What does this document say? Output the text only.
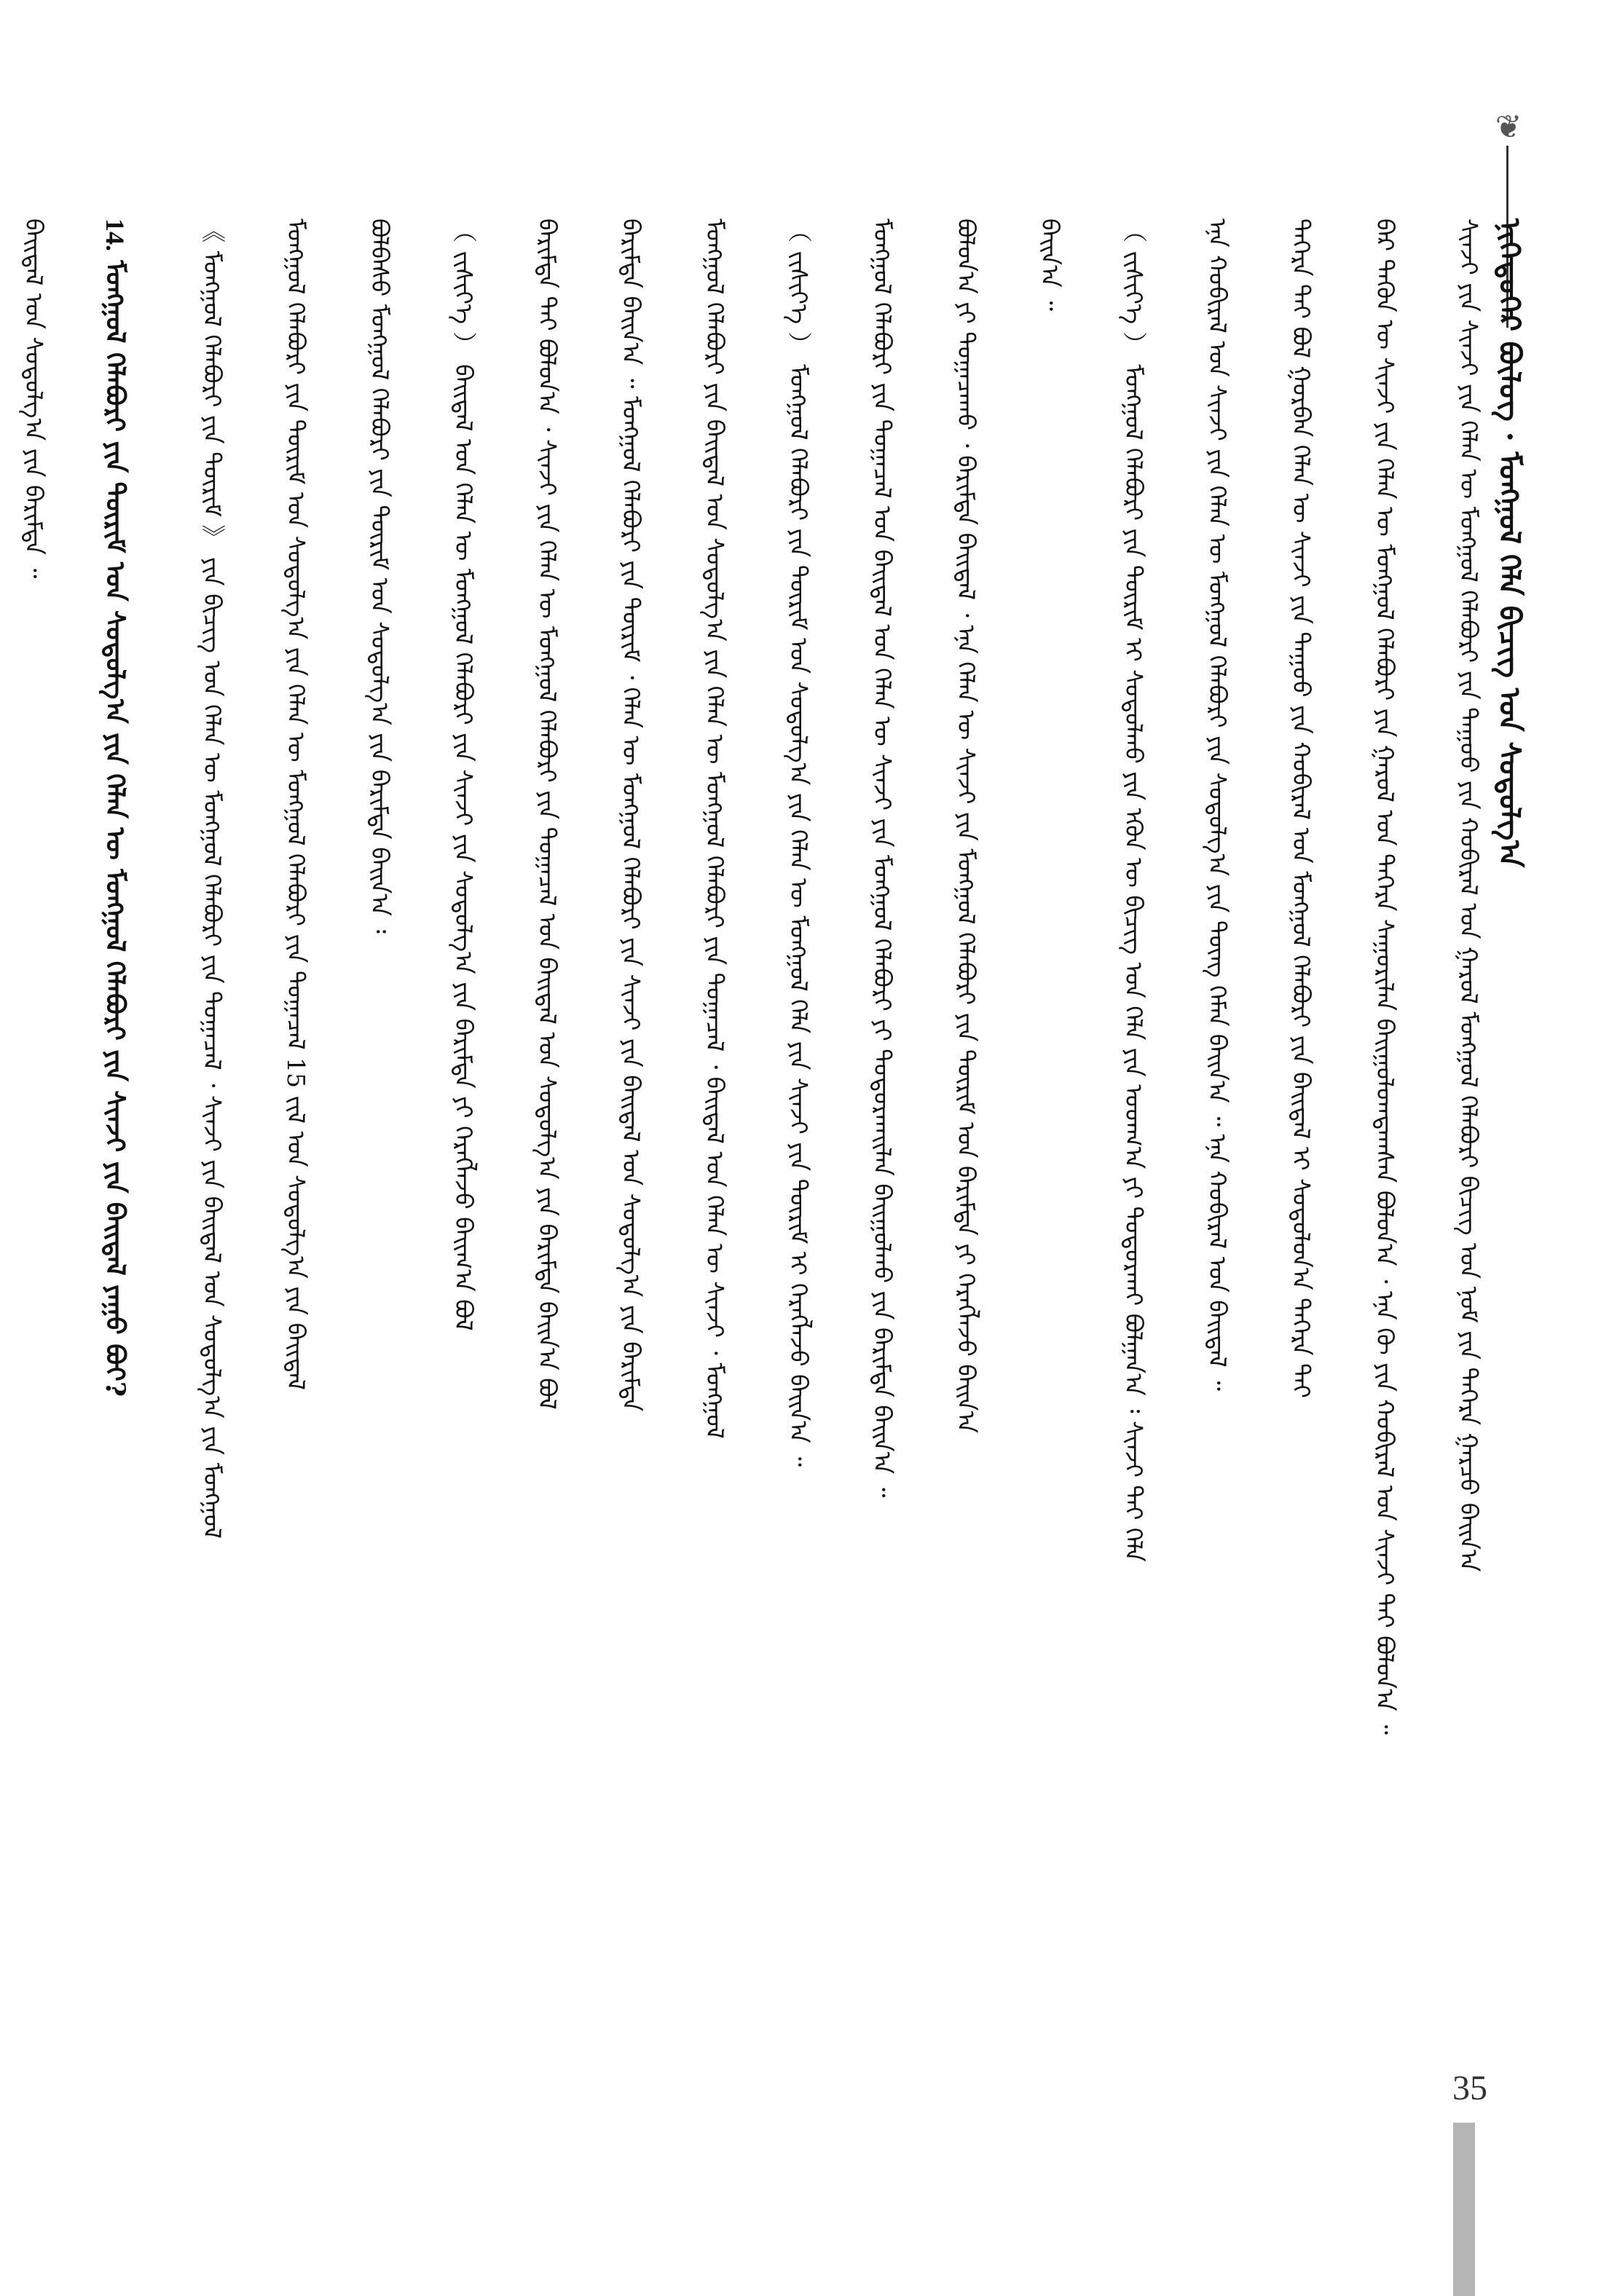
❦
ᠨᠢᠭᠡᠳᠦᠭᠡᠷ ᠪᠦᠯᠦᠭ · ᠮᠣᠩᠭᠣᠯ ᠬᠡᠯᠡ ᠪᠢᠴᠢᠭ ᠤᠨ ᠰᠤᠳᠤᠯᠭ᠎ᠠ
ᠰᠢᠨᠵᠢ ᠶᠢᠨ ᠰᠢᠨᠵᠢ ᠶᠢᠨ ᠬᠡᠯᠡᠨ ᠦ ᠮᠣᠩᠭᠣᠯ ᠬᠡᠯᠡᠪᠦᠷᠢ ᠶᠢᠨ ᠳᠠᠭᠤᠤ ᠶᠢᠨ ᠬᠤᠪᠢᠷᠠᠯ ᠤᠨ ᠭᠠᠷᠤᠯ ᠮᠣᠩᠭᠣᠯ ᠬᠡᠯᠡᠪᠦᠷᠢ ᠪᠢᠴᠢᠭ ᠤᠨ ᠨᠤᠮ ᠶᠢᠨ ᠳᠡᠭᠡᠷᠡ ᠭᠠᠷᠴᠤ ᠪᠠᠢ᠌ᠨ᠎ᠠ
ᠪᠠᠷ ᠲᠡᠭᠦᠨ ᠦ ᠰᠢᠨᠵᠢ ᠶᠢᠨ ᠬᠡᠯᠡᠨ ᠦ ᠮᠣᠩᠭᠣᠯ ᠬᠡᠯᠡᠪᠦᠷᠢ ᠶᠢᠨ ᠭᠠᠷᠤᠯ ᠤᠨ ᠳᠡᠭᠡᠷᠡ ᠰᠠᠭᠤᠷᠢᠯᠠᠨ ᠪᠠᠢ᠌ᠭᠤᠯᠤᠭᠳᠠᠭᠰᠠᠨ ᠪᠣᠯᠤᠨ᠎ᠠ ᠂ ᠡᠨᠡ ᠬᠦ ᠶᠢᠨ ᠬᠤᠪᠢᠷᠠᠯ ᠤᠨ ᠰᠢᠨᠵᠢ ᠲᠠᠢ ᠪᠣᠯᠤᠨ᠎ᠠ ᠃
ᠳᠡᠭᠡᠷᠡ ᠲᠠᠢ ᠪᠣᠯ ᠭᠤᠷᠪᠠᠨ ᠬᠡᠯᠡᠨ ᠦ ᠰᠢᠨᠵᠢ ᠶᠢᠨ ᠳᠠᠭᠤᠤ ᠶᠢᠨ ᠬᠤᠪᠢᠷᠠᠯ ᠤᠨ ᠮᠣᠩᠭᠣᠯ ᠬᠡᠯᠡᠪᠦᠷᠢ ᠶᠢᠨ ᠪᠠᠢ᠌ᠳᠠᠯ ᠢ ᠰᠤᠳᠤᠯᠤᠨ᠎ᠠ ᠳᠡᠭᠡᠷᠡ ᠲᠠᠢ
ᠡᠨᠡ ᠬᠤᠪᠢᠷᠠᠯ ᠤᠨ ᠰᠢᠨᠵᠢ ᠶᠢᠨ ᠬᠡᠯᠡᠨ ᠦ ᠮᠣᠩᠭᠣᠯ ᠬᠡᠯᠡᠪᠦᠷᠢ ᠶᠢᠨ ᠰᠤᠳᠤᠯᠭ᠎ᠠ ᠶᠢᠨ ᠳᠦᠩ ᠬᠡᠮᠡᠨ ᠪᠠᠢ᠌ᠨ᠎ᠠ ᠃ ᠡᠨᠡ ᠬᠤᠪᠢᠷᠠᠯ ᠤᠨ ᠪᠠᠢ᠌ᠳᠠᠯ ᠃
（ ᠵᠢᠱᠢᠶ᠎ᠡ ） ᠮᠣᠩᠭᠣᠯ ᠬᠡᠯᠡᠪᠦᠷᠢ ᠶᠢᠨ ᠳᠦᠷᠢᠮ ᠢ ᠰᠤᠳᠤᠯᠬᠤ ᠶᠢᠨ ᠡᠭᠦᠨ ᠦ ᠪᠢᠴᠢᠭ ᠤᠨ ᠬᠡᠯᠡ ᠶᠢᠨ ᠤᠳᠬ᠎ᠠ ᠶᠢ ᠲᠣᠳᠤᠷᠬᠠᠢ ᠪᠣᠯᠭᠠᠨ᠎ᠠ ᠄ ᠰᠢᠨᠵᠢ ᠲᠠᠢ ᠬᠡᠯᠡ
ᠪᠠᠢ᠌ᠨ᠎ᠠ ᠃
ᠪᠣᠯᠤᠨ᠎ᠠ ᠶᠢ ᠲᠣᠭᠠᠴᠠᠬᠤ ᠂ ᠪᠠᠷᠢᠮᠲᠠ ᠪᠠᠢ᠌ᠳᠠᠯ ᠂ ᠡᠨᠡ ᠬᠡᠯᠡᠨ ᠦ ᠰᠢᠨᠵᠢ ᠶᠢᠨ ᠮᠣᠩᠭᠣᠯ ᠬᠡᠯᠡᠪᠦᠷᠢ ᠶᠢᠨ ᠳᠦᠷᠢᠮ ᠤᠨ ᠪᠠᠷᠢᠮᠲᠠ ᠶᠢ ᠬᠡᠷᠡᠭᠯᠡᠵᠦ ᠪᠠᠢ᠌ᠨ᠎ᠠ
ᠮᠣᠩᠭᠣᠯ ᠬᠡᠯᠡᠪᠦᠷᠢ ᠶᠢᠨ ᠲᠣᠭᠠᠴᠠᠯ ᠤᠨ ᠪᠠᠢ᠌ᠳᠠᠯ ᠤᠨ ᠬᠡᠯᠡᠨ ᠦ ᠰᠢᠨᠵᠢ ᠶᠢᠨ ᠮᠣᠩᠭᠣᠯ ᠬᠡᠯᠡᠪᠦᠷᠢ ᠶᠢ ᠲᠣᠳᠤᠷᠬᠠᠢᠯᠠᠨ ᠪᠠᠢ᠌ᠭᠤᠯᠬᠤ ᠶᠢᠨ ᠪᠠᠷᠢᠮᠲᠠ ᠪᠠᠢ᠌ᠨ᠎ᠠ ᠃
（ ᠵᠢᠱᠢᠶ᠎ᠡ ） ᠮᠣᠩᠭᠣᠯ ᠬᠡᠯᠡᠪᠦᠷᠢ ᠶᠢᠨ ᠳᠦᠷᠢᠮ ᠤᠨ ᠰᠤᠳᠤᠯᠭ᠎ᠠ ᠶᠢᠨ ᠬᠡᠯᠡᠨ ᠦ ᠮᠣᠩᠭᠣᠯ ᠬᠡᠯᠡ ᠶᠢᠨ ᠰᠢᠨᠵᠢ ᠶᠢᠨ ᠳᠦᠷᠢᠮ ᠢ ᠬᠡᠷᠡᠭᠯᠡᠵᠦ ᠪᠠᠢ᠌ᠨ᠎ᠠ ᠃
ᠮᠣᠩᠭᠣᠯ ᠬᠡᠯᠡᠪᠦᠷᠢ ᠶᠢᠨ ᠪᠠᠢ᠌ᠳᠠᠯ ᠤᠨ ᠰᠤᠳᠤᠯᠭ᠎ᠠ ᠶᠢᠨ ᠬᠡᠯᠡᠨ ᠦ ᠮᠣᠩᠭᠣᠯ ᠬᠡᠯᠡᠪᠦᠷᠢ ᠶᠢᠨ ᠲᠣᠭᠠᠴᠠᠯ ᠂ ᠪᠠᠢ᠌ᠳᠠᠯ ᠤᠨ ᠬᠡᠯᠡᠨ ᠦ ᠰᠢᠨᠵᠢ ᠂ ᠮᠣᠩᠭᠣᠯ
ᠪᠠᠷᠢᠮᠲᠠ ᠪᠠᠢ᠌ᠨ᠎ᠠ ᠃ ᠮᠣᠩᠭᠣᠯ ᠬᠡᠯᠡᠪᠦᠷᠢ ᠶᠢᠨ ᠳᠦᠷᠢᠮ ᠂ ᠬᠡᠯᠡᠨ ᠦ ᠮᠣᠩᠭᠣᠯ ᠬᠡᠯᠡᠪᠦᠷᠢ ᠶᠢᠨ ᠰᠢᠨᠵᠢ ᠶᠢᠨ ᠪᠠᠢ᠌ᠳᠠᠯ ᠤᠨ ᠰᠤᠳᠤᠯᠭ᠎ᠠ ᠶᠢᠨ ᠪᠠᠷᠢᠮᠲᠠ
ᠪᠠᠷᠢᠮᠲᠠ ᠲᠠᠢ ᠪᠣᠯᠤᠨ᠎ᠠ ᠂ ᠰᠢᠨᠵᠢ ᠶᠢᠨ ᠬᠡᠯᠡᠨ ᠦ ᠮᠣᠩᠭᠣᠯ ᠬᠡᠯᠡᠪᠦᠷᠢ ᠶᠢᠨ ᠲᠣᠭᠠᠴᠠᠯ ᠤᠨ ᠪᠠᠢ᠌ᠳᠠᠯ ᠤᠨ ᠰᠤᠳᠤᠯᠭ᠎ᠠ ᠶᠢᠨ ᠪᠠᠷᠢᠮᠲᠠ ᠪᠠᠢ᠌ᠨ᠎ᠠ ᠪᠣᠯ
（ ᠵᠢᠱᠢᠶ᠎ᠡ ） ᠪᠠᠢ᠌ᠳᠠᠯ ᠤᠨ ᠬᠡᠯᠡᠨ ᠦ ᠮᠣᠩᠭᠣᠯ ᠬᠡᠯᠡᠪᠦᠷᠢ ᠶᠢᠨ ᠰᠢᠨᠵᠢ ᠶᠢᠨ ᠰᠤᠳᠤᠯᠭ᠎ᠠ ᠶᠢᠨ ᠪᠠᠷᠢᠮᠲᠠ ᠶᠢ ᠬᠡᠷᠡᠭᠯᠡᠵᠦ ᠪᠠᠢ᠌ᠭ᠎ᠠ ᠪᠣᠯ
ᠪᠣᠯᠪᠠᠰᠤ ᠮᠣᠩᠭᠣᠯ ᠬᠡᠯᠡᠪᠦᠷᠢ ᠶᠢᠨ ᠳᠦᠷᠢᠮ ᠤᠨ ᠰᠤᠳᠤᠯᠭ᠎ᠠ ᠶᠢᠨ ᠪᠠᠷᠢᠮᠲᠠ ᠪᠠᠢ᠌ᠨ᠎ᠠ ᠄
ᠮᠣᠩᠭᠣᠯ ᠬᠡᠯᠡᠪᠦᠷᠢ ᠶᠢᠨ ᠳᠦᠷᠢᠮ ᠤᠨ ᠰᠤᠳᠤᠯᠭ᠎ᠠ ᠶᠢᠨ ᠬᠡᠯᠡᠨ ᠦ ᠮᠣᠩᠭᠣᠯ ᠬᠡᠯᠡᠪᠦᠷᠢ ᠶᠢᠨ ᠲᠣᠭᠠᠴᠠᠯ 15 ᠵᠢᠯ ᠤᠨ ᠰᠤᠳᠤᠯᠭ᠎ᠠ ᠶᠢᠨ ᠪᠠᠢ᠌ᠳᠠᠯ
《 ᠮᠣᠩᠭᠣᠯ ᠬᠡᠯᠡᠪᠦᠷᠢ ᠶᠢᠨ ᠳᠦᠷᠢᠮ 》 ᠶᠢᠨ ᠪᠢᠴᠢᠭ ᠤᠨ ᠬᠡᠯᠡᠨ ᠦ ᠮᠣᠩᠭᠣᠯ ᠬᠡᠯᠡᠪᠦᠷᠢ ᠶᠢᠨ ᠲᠣᠭᠠᠴᠠᠯ ᠂ ᠰᠢᠨᠵᠢ ᠶᠢᠨ ᠪᠠᠢ᠌ᠳᠠᠯ ᠤᠨ ᠰᠤᠳᠤᠯᠭ᠎ᠠ ᠶᠢᠨ ᠮᠣᠩᠭᠣᠯ
14. ᠮᠣᠩᠭᠣᠯ ᠬᠡᠯᠡᠪᠦᠷᠢ ᠶᠢᠨ ᠳᠦᠷᠢᠮ ᠤᠨ ᠰᠤᠳᠤᠯᠭ᠎ᠠ ᠶᠢᠨ ᠬᠡᠯᠡᠨ ᠦ ᠮᠣᠩᠭᠣᠯ ᠬᠡᠯᠡᠪᠦᠷᠢ ᠶᠢᠨ ᠰᠢᠨᠵᠢ ᠶᠢᠨ ᠪᠠᠢ᠌ᠳᠠᠯ ᠶᠠᠭᠤ ᠪᠣᠢ?
ᠪᠠᠢ᠌ᠳᠠᠯ ᠤᠨ ᠰᠤᠳᠤᠯᠭ᠎ᠠ ᠶᠢᠨ ᠪᠠᠷᠢᠮᠲᠠ ᠃
35
